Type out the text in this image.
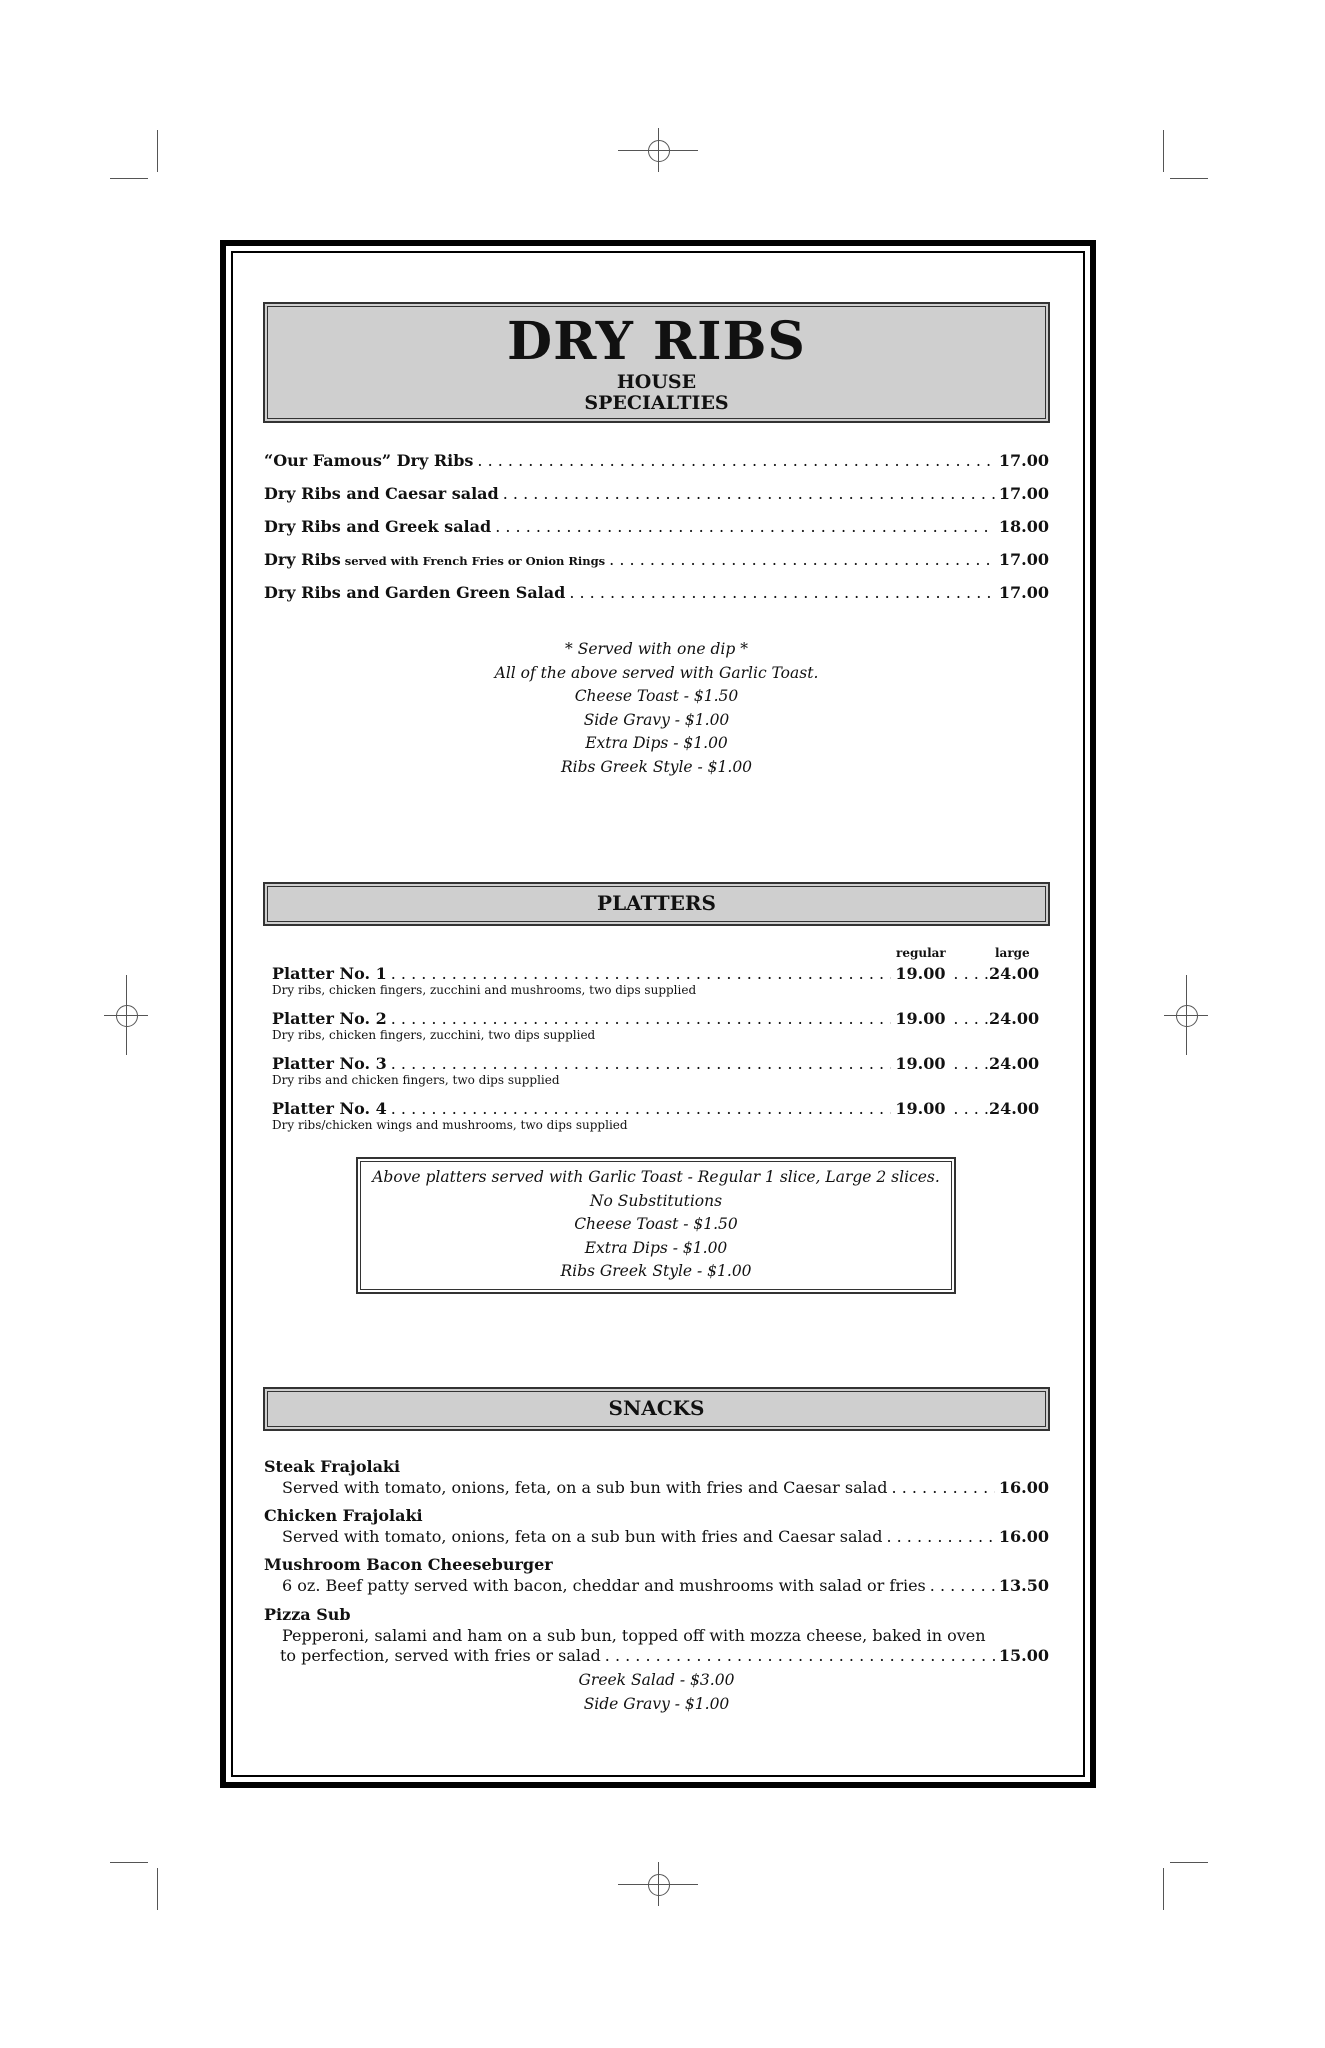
DRY RIBS
HOUSE
SPECIALTIES
“Our Famous” Dry Ribs . . .	17.00
Dry Ribs and Caesar salad . . .	17.00
Dry Ribs and Greek salad . . .	18.00
Dry Ribs served with French Fries or Onion Rings . . .	17.00
Dry Ribs and Garden Green Salad . . .	17.00
* Served with one dip *
All of the above served with Garlic Toast.
Cheese Toast - $1.50
Side Gravy - $1.00
Extra Dips - $1.00
Ribs Greek Style - $1.00
PLATTERS
regular	large
Platter No. 1 . . .	19.00 . . . . 24.00
Dry ribs, chicken fingers, zucchini and mushrooms, two dips supplied
Platter No. 2 . . .	19.00 . . . . 24.00
Dry ribs, chicken fingers, zucchini, two dips supplied
Platter No. 3 . . .	19.00 . . . . 24.00
Dry ribs and chicken fingers, two dips supplied
Platter No. 4 . . .	19.00 . . . . 24.00
Dry ribs/chicken wings and mushrooms, two dips supplied
Above platters served with Garlic Toast - Regular 1 slice, Large 2 slices.
No Substitutions
Cheese Toast - $1.50
Extra Dips - $1.00
Ribs Greek Style - $1.00
SNACKS
Steak Frajolaki
Served with tomato, onions, feta, on a sub bun with fries and Caesar salad . . .	16.00
Chicken Frajolaki
Served with tomato, onions, feta on a sub bun with fries and Caesar salad . . .	16.00
Mushroom Bacon Cheeseburger
6 oz. Beef patty served with bacon, cheddar and mushrooms with salad or fries . . .	13.50
Pizza Sub
Pepperoni, salami and ham on a sub bun, topped off with mozza cheese, baked in oven
to perfection, served with fries or salad . . .	15.00
Greek Salad - $3.00
Side Gravy - $1.00
